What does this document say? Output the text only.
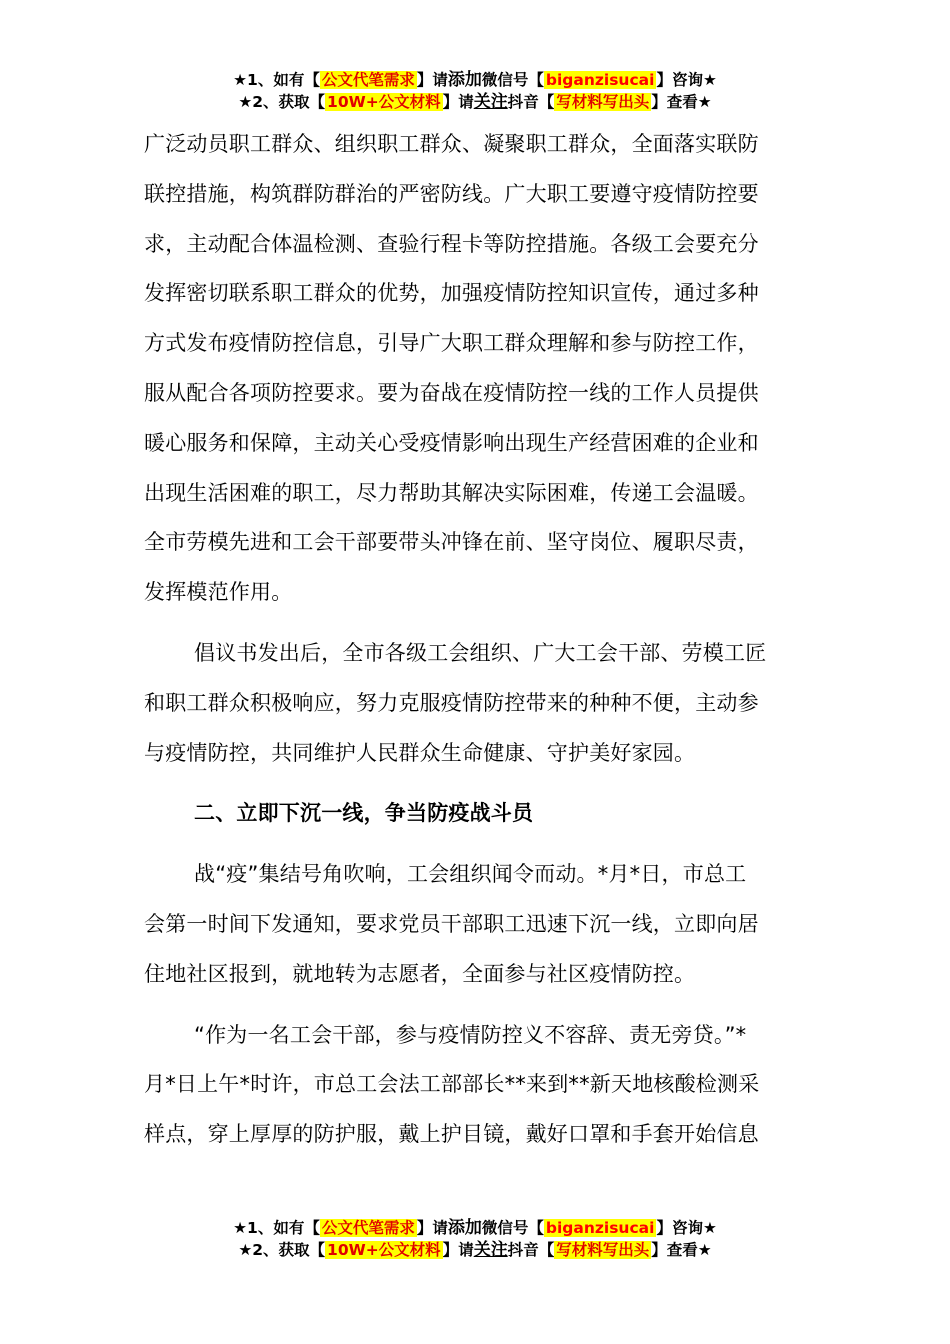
★1、如有【 公文代笔需求 】请添加微信号【 biganzisucai 】咨询★
★2、获取【 10W+公文材料 】请关注抖音【 写材料写出头 】查看★

广泛动员职工群众、组织职工群众、凝聚职工群众，全面落实联防
联控措施，构筑群防群治的严密防线。广大职工要遵守疫情防控要
求，主动配合体温检测、查验行程卡等防控措施。各级工会要充分
发挥密切联系职工群众的优势，加强疫情防控知识宣传，通过多种
方式发布疫情防控信息，引导广大职工群众理解和参与防控工作，
服从配合各项防控要求。要为奋战在疫情防控一线的工作人员提供
暖心服务和保障，主动关心受疫情影响出现生产经营困难的企业和
出现生活困难的职工，尽力帮助其解决实际困难，传递工会温暖。
全市劳模先进和工会干部要带头冲锋在前、坚守岗位、履职尽责，
发挥模范作用。

倡议书发出后，全市各级工会组织、广大工会干部、劳模工匠
和职工群众积极响应，努力克服疫情防控带来的种种不便，主动参
与疫情防控，共同维护人民群众生命健康、守护美好家园。

二、立即下沉一线，争当防疫战斗员

战“疫”集结号角吹响，工会组织闻令而动。*月*日，市总工
会第一时间下发通知，要求党员干部职工迅速下沉一线，立即向居
住地社区报到，就地转为志愿者，全面参与社区疫情防控。

“作为一名工会干部，参与疫情防控义不容辞、责无旁贷。”*
月*日上午*时许，市总工会法工部部长**来到**新天地核酸检测采
样点，穿上厚厚的防护服，戴上护目镜，戴好口罩和手套开始信息

★1、如有【 公文代笔需求 】请添加微信号【 biganzisucai 】咨询★
★2、获取【 10W+公文材料 】请关注抖音【 写材料写出头 】查看★
